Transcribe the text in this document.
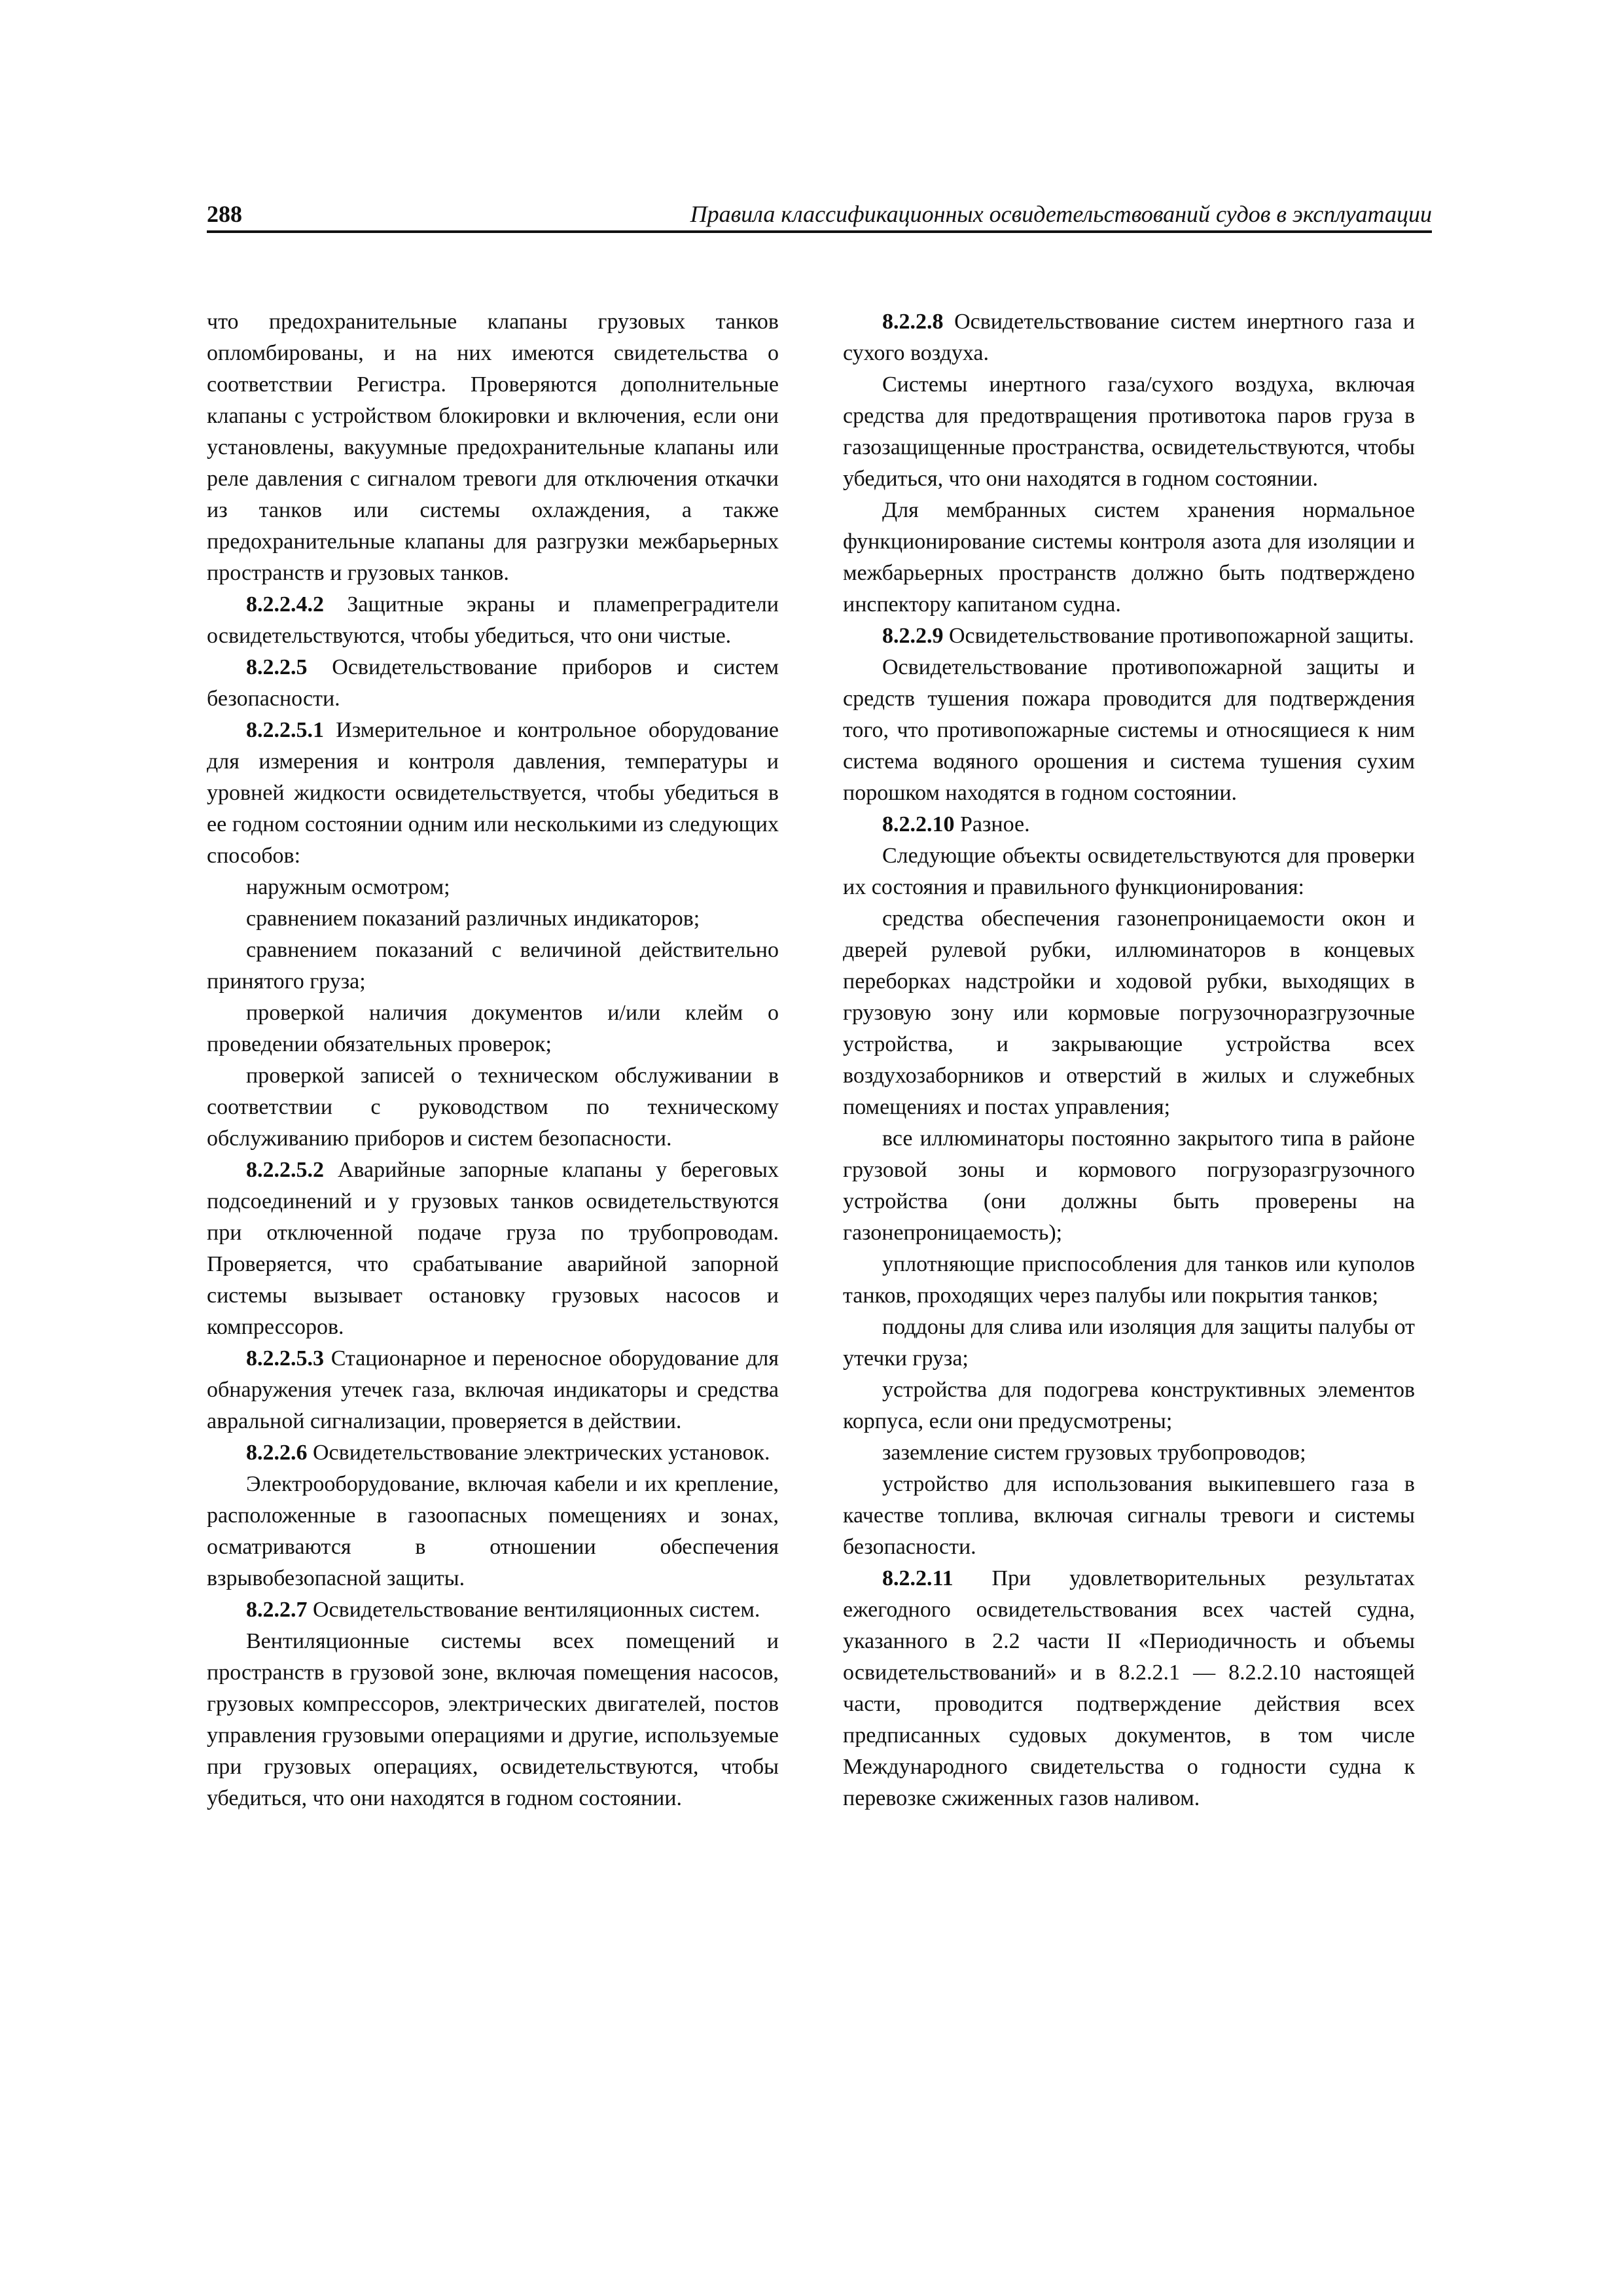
288	Правила классификационных освидетельствований судов в эксплуатации

что предохранительные клапаны грузовых танков опломбированы, и на них имеются свидетельства о соответствии Регистра. Проверяются дополнительные клапаны с устройством блокировки и включения, если они установлены, вакуумные предохранительные клапаны или реле давления с сигналом тревоги для отключения откачки из танков или системы охлаждения, а также предохранительные клапаны для разгрузки межбарьерных пространств и грузовых танков.

8.2.2.4.2 Защитные экраны и пламепреградители освидетельствуются, чтобы убедиться, что они чистые.

8.2.2.5 Освидетельствование приборов и систем безопасности.

8.2.2.5.1 Измерительное и контрольное оборудование для измерения и контроля давления, температуры и уровней жидкости освидетельствуется, чтобы убедиться в ее годном состоянии одним или несколькими из следующих способов:

наружным осмотром;

сравнением показаний различных индикаторов;

сравнением показаний с величиной действительно принятого груза;

проверкой наличия документов и/или клейм о проведении обязательных проверок;

проверкой записей о техническом обслуживании в соответствии с руководством по техническому обслуживанию приборов и систем безопасности.

8.2.2.5.2 Аварийные запорные клапаны у береговых подсоединений и у грузовых танков освидетельствуются при отключенной подаче груза по трубопроводам. Проверяется, что срабатывание аварийной запорной системы вызывает остановку грузовых насосов и компрессоров.

8.2.2.5.3 Стационарное и переносное оборудование для обнаружения утечек газа, включая индикаторы и средства авральной сигнализации, проверяется в действии.

8.2.2.6 Освидетельствование электрических установок.

Электрооборудование, включая кабели и их крепление, расположенные в газоопасных помещениях и зонах, осматриваются в отношении обеспечения взрывобезопасной защиты.

8.2.2.7 Освидетельствование вентиляционных систем.

Вентиляционные системы всех помещений и пространств в грузовой зоне, включая помещения насосов, грузовых компрессоров, электрических двигателей, постов управления грузовыми операциями и другие, используемые при грузовых операциях, освидетельствуются, чтобы убедиться, что они находятся в годном состоянии.

8.2.2.8 Освидетельствование систем инертного газа и сухого воздуха.

Системы инертного газа/сухого воздуха, включая средства для предотвращения противотока паров груза в газозащищенные пространства, освидетельствуются, чтобы убедиться, что они находятся в годном состоянии.

Для мембранных систем хранения нормальное функционирование системы контроля азота для изоляции и межбарьерных пространств должно быть подтверждено инспектору капитаном судна.

8.2.2.9 Освидетельствование противопожарной защиты.

Освидетельствование противопожарной защиты и средств тушения пожара проводится для подтверждения того, что противопожарные системы и относящиеся к ним система водяного орошения и система тушения сухим порошком находятся в годном состоянии.

8.2.2.10 Разное.

Следующие объекты освидетельствуются для проверки их состояния и правильного функционирования:

средства обеспечения газонепроницаемости окон и дверей рулевой рубки, иллюминаторов в концевых переборках надстройки и ходовой рубки, выходящих в грузовую зону или кормовые погрузочноразгрузочные устройства, и закрывающие устройства всех воздухозаборников и отверстий в жилых и служебных помещениях и постах управления;

все иллюминаторы постоянно закрытого типа в районе грузовой зоны и кормового погрузоразгрузочного устройства (они должны быть проверены на газонепроницаемость);

уплотняющие приспособления для танков или куполов танков, проходящих через палубы или покрытия танков;

поддоны для слива или изоляция для защиты палубы от утечки груза;

устройства для подогрева конструктивных элементов корпуса, если они предусмотрены;

заземление систем грузовых трубопроводов;

устройство для использования выкипевшего газа в качестве топлива, включая сигналы тревоги и системы безопасности.

8.2.2.11 При удовлетворительных результатах ежегодного освидетельствования всех частей судна, указанного в 2.2 части II «Периодичность и объемы освидетельствований» и в 8.2.2.1 — 8.2.2.10 настоящей части, проводится подтверждение действия всех предписанных судовых документов, в том числе Международного свидетельства о годности судна к перевозке сжиженных газов наливом.
